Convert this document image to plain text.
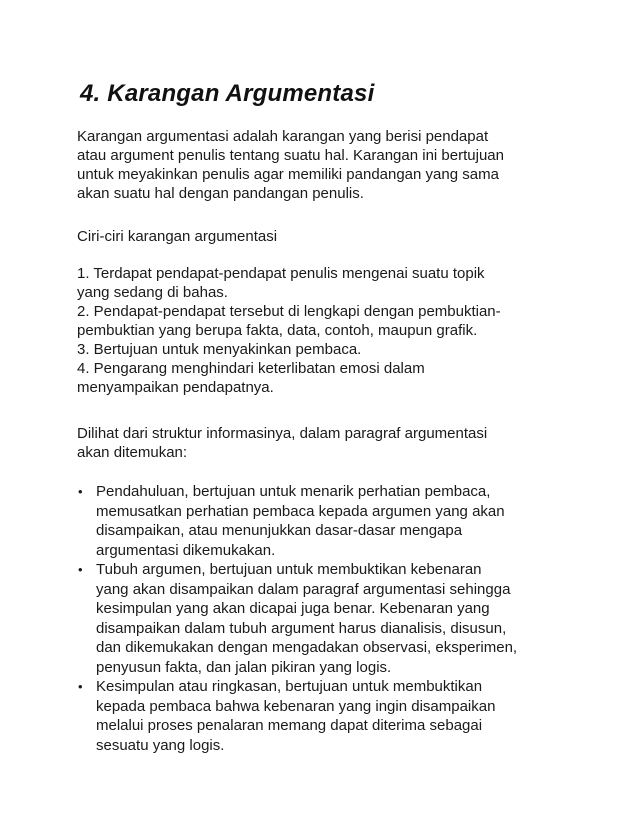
4. Karangan Argumentasi
Karangan argumentasi adalah karangan yang berisi pendapat
atau argument penulis tentang suatu hal. Karangan ini bertujuan
untuk meyakinkan penulis agar memiliki pandangan yang sama
akan suatu hal dengan pandangan penulis.
Ciri-ciri karangan argumentasi
1. Terdapat pendapat-pendapat penulis mengenai suatu topik
yang sedang di bahas.
2. Pendapat-pendapat tersebut di lengkapi dengan pembuktian-
pembuktian yang berupa fakta, data, contoh, maupun grafik.
3. Bertujuan untuk menyakinkan pembaca.
4. Pengarang menghindari keterlibatan emosi dalam
menyampaikan pendapatnya.
Dilihat dari struktur informasinya, dalam paragraf argumentasi
akan ditemukan:
• Pendahuluan, bertujuan untuk menarik perhatian pembaca,
memusatkan perhatian pembaca kepada argumen yang akan
disampaikan, atau menunjukkan dasar-dasar mengapa
argumentasi dikemukakan.
• Tubuh argumen, bertujuan untuk membuktikan kebenaran
yang akan disampaikan dalam paragraf argumentasi sehingga
kesimpulan yang akan dicapai juga benar. Kebenaran yang
disampaikan dalam tubuh argument harus dianalisis, disusun,
dan dikemukakan dengan mengadakan observasi, eksperimen,
penyusun fakta, dan jalan pikiran yang logis.
• Kesimpulan atau ringkasan, bertujuan untuk membuktikan
kepada pembaca bahwa kebenaran yang ingin disampaikan
melalui proses penalaran memang dapat diterima sebagai
sesuatu yang logis.
